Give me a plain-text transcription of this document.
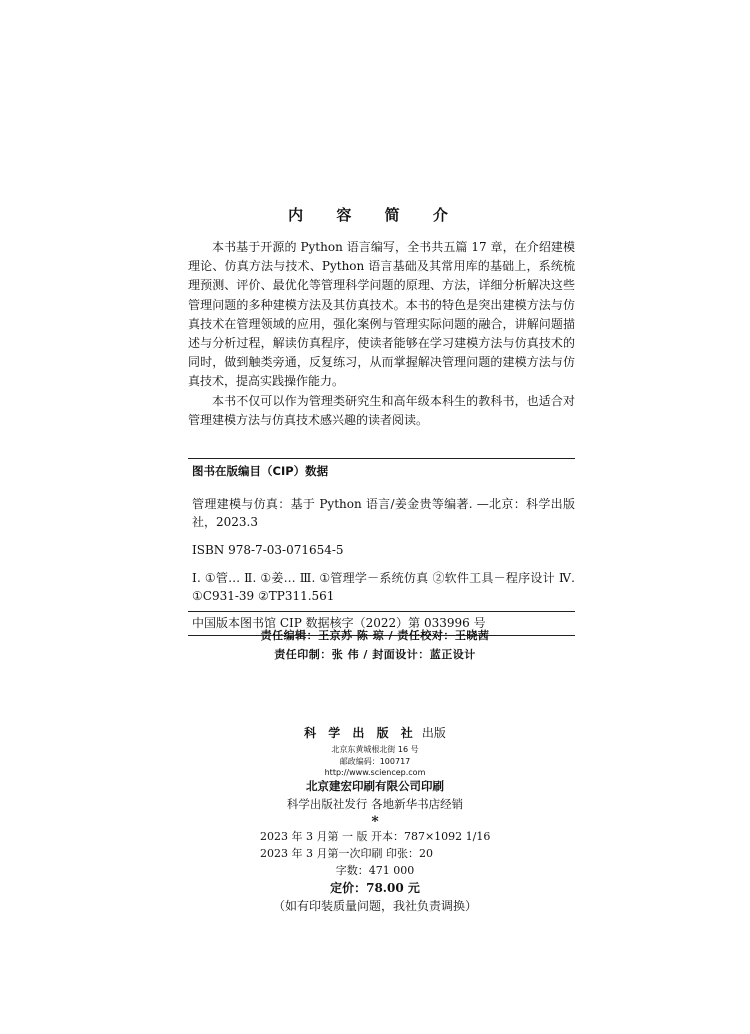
内 容 简 介

本书基于开源的 Python 语言编写，全书共五篇 17 章，在介绍建模理论、仿真方法与技术、Python 语言基础及其常用库的基础上，系统梳理预测、评价、最优化等管理科学问题的原理、方法，详细分析解决这些管理问题的多种建模方法及其仿真技术。本书的特色是突出建模方法与仿真技术在管理领域的应用，强化案例与管理实际问题的融合，讲解问题描述与分析过程，解读仿真程序，使读者能够在学习建模方法与仿真技术的同时，做到触类旁通，反复练习，从而掌握解决管理问题的建模方法与仿真技术，提高实践操作能力。

本书不仅可以作为管理类研究生和高年级本科生的教科书，也适合对管理建模方法与仿真技术感兴趣的读者阅读。

图书在版编目（CIP）数据
管理建模与仿真：基于 Python 语言/姜金贵等编著. —北京：科学出版社，2023.3
ISBN 978-7-03-071654-5
Ⅰ. ①管… Ⅱ. ①姜… Ⅲ. ①管理学－系统仿真 ②软件工具－程序设计 Ⅳ. ①C931-39 ②TP311.561
中国版本图书馆 CIP 数据核字（2022）第 033996 号
责任编辑：王京苏 陈 琼 / 责任校对：王晓茜
责任印制：张 伟 / 封面设计：蓝正设计
科 学 出 版 社 出版
北京东黄城根北街 16 号
邮政编码：100717
http://www.sciencep.com
北京建宏印刷有限公司印刷
科学出版社发行 各地新华书店经销
*
2023 年 3 月第 一 版 开本：787×1092 1/16
2023 年 3 月第一次印刷 印张：20
字数：471 000
定价：78.00 元
（如有印装质量问题，我社负责调换）
